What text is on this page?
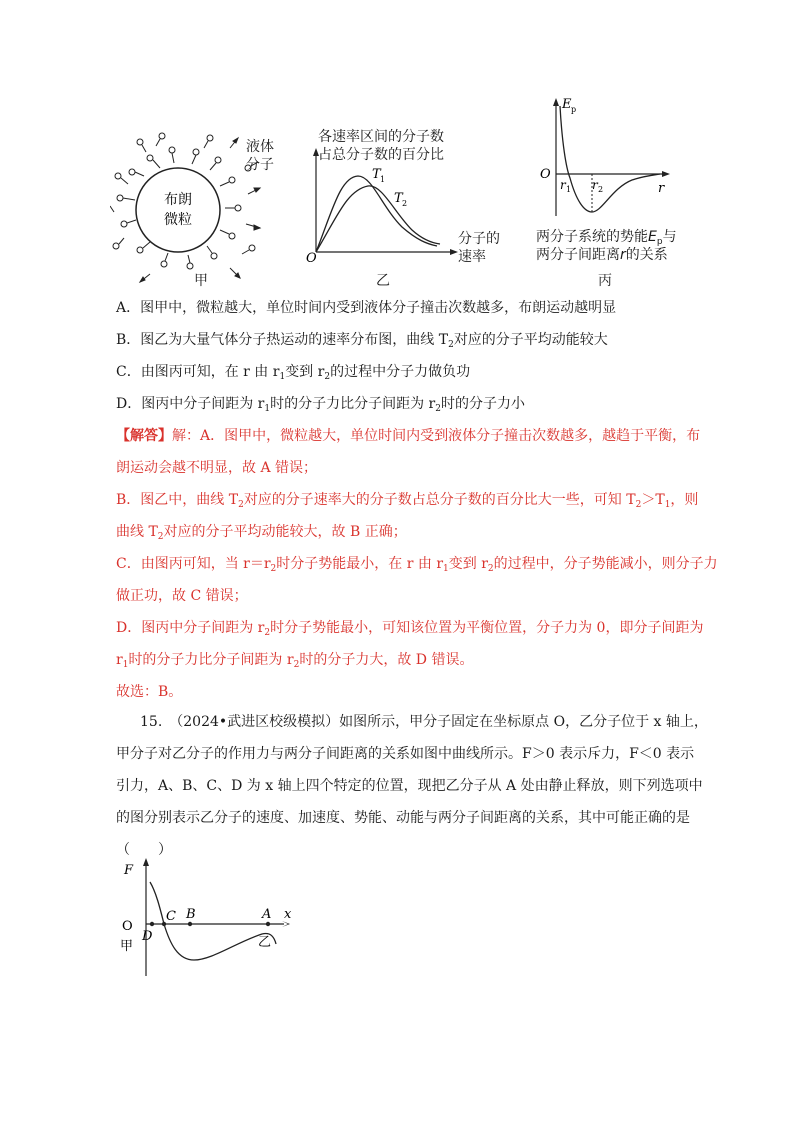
布朗
微粒
液体
分子
甲
O
T 1
T 2
各速率区间的分子数
占总分子数的百分比
分子的
速率
乙
O
E p
r
r 1 r 2
两分子系统的势能$E_p$与
两分子间距离r的关系
丙
A．图甲中，微粒越大，单位时间内受到液体分子撞击次数越多，布朗运动越明显
B．图乙为大量气体分子热运动的速率分布图，曲线 $T_2$对应的分子平均动能较大
C．由图丙可知，在 r 由 $r_1$变到 $r_2$的过程中分子力做负功
D．图丙中分子间距为 $r_1$时的分子力比分子间距为 $r_2$时的分子力小
【解答】解：A．图甲中，微粒越大，单位时间内受到液体分子撞击次数越多，越趋于平衡，布
朗运动会越不明显，故 A 错误；
B．图乙中，曲线 $T_2$对应的分子速率大的分子数占总分子数的百分比大一些，可知 $T_2>T_1$，则
曲线 $T_2$对应的分子平均动能较大，故 B 正确；
C．由图丙可知，当 $r=r_2$时分子势能最小，在 r 由 $r_1$变到 $r_2$的过程中，分子势能减小，则分子力
做正功，故 C 错误；
D．图丙中分子间距为 $r_2$时分子势能最小，可知该位置为平衡位置，分子力为 0，即分子间距为
$r_1$时的分子力比分子间距为 $r_2$时的分子力大，故 D 错误。
故选：B。
15.　（2024•武进区校级模拟）如图所示，甲分子固定在坐标原点 O，乙分子位于 x 轴上，
甲分子对乙分子的作用力与两分子间距离的关系如图中曲线所示。F＞0 表示斥力，F＜0 表示
引力，A、B、C、D 为 x 轴上四个特定的位置，现把乙分子从 A 处由静止释放，则下列选项中
的图分别表示乙分子的速度、加速度、势能、动能与两分子间距离的关系，其中可能正确的是
（　　）
F
O
甲
C B	A
D
x
乙
